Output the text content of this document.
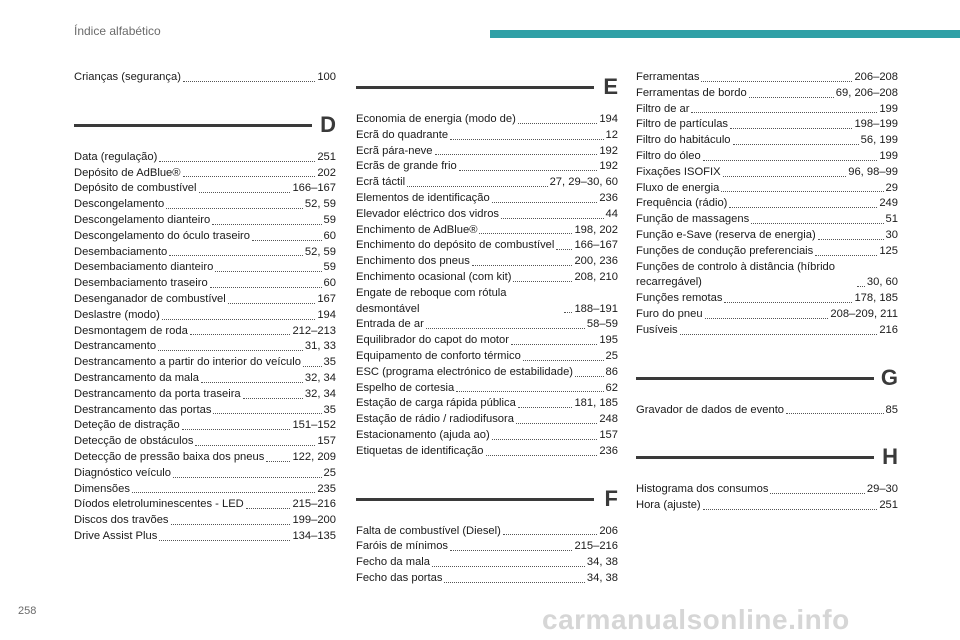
Índice alfabético
Crianças (segurança)	100
D
Data (regulação)	251
Depósito de AdBlue®	202
Depósito de combustível	166–167
Descongelamento	52, 59
Descongelamento dianteiro	59
Descongelamento do óculo traseiro	60
Desembaciamento	52, 59
Desembaciamento dianteiro	59
Desembaciamento traseiro	60
Desenganador de combustível	167
Deslastre (modo)	194
Desmontagem de roda	212–213
Destrancamento	31, 33
Destrancamento a partir do interior do veículo 35
Destrancamento da mala	32, 34
Destrancamento da porta traseira	32, 34
Destrancamento das portas	35
Deteção de distração	151–152
Detecção de obstáculos	157
Detecção de pressão baixa dos pneus	122, 209
Diagnóstico veículo	25
Dimensões	235
Díodos eletroluminescentes - LED	215–216
Discos dos travões	199–200
Drive Assist Plus	134–135
E
Economia de energia (modo de)	194
Ecrã do quadrante	12
Ecrã pára-neve	192
Ecrãs de grande frio	192
Ecrã táctil	27, 29–30, 60
Elementos de identificação	236
Elevador eléctrico dos vidros	44
Enchimento de AdBlue®	198, 202
Enchimento do depósito de combustível 166–167
Enchimento dos pneus	200, 236
Enchimento ocasional (com kit)	208, 210
Engate de reboque com rótula desmontável	188–191
Entrada de ar	58–59
Equilibrador do capot do motor	195
Equipamento de conforto térmico	25
ESC (programa electrónico de estabilidade)	86
Espelho de cortesia	62
Estação de carga rápida pública	181, 185
Estação de rádio / radiodifusora	248
Estacionamento (ajuda ao)	157
Etiquetas de identificação	236
F
Falta de combustível (Diesel)	206
Faróis de mínimos	215–216
Fecho da mala	34, 38
Fecho das portas	34, 38
Ferramentas	206–208
Ferramentas de bordo	69, 206–208
Filtro de ar	199
Filtro de partículas	198–199
Filtro do habitáculo	56, 199
Filtro do óleo	199
Fixações ISOFIX	96, 98–99
Fluxo de energia	29
Frequência (rádio)	249
Função de massagens	51
Função e-Save (reserva de energia)	30
Funções de condução preferenciais	125
Funções de controlo à distância (híbrido recarregável)	30, 60
Funções remotas	178, 185
Furo do pneu	208–209, 211
Fusíveis	216
G
Gravador de dados de evento	85
H
Histograma dos consumos	29–30
Hora (ajuste)	251
258	carmanualsonline.info
